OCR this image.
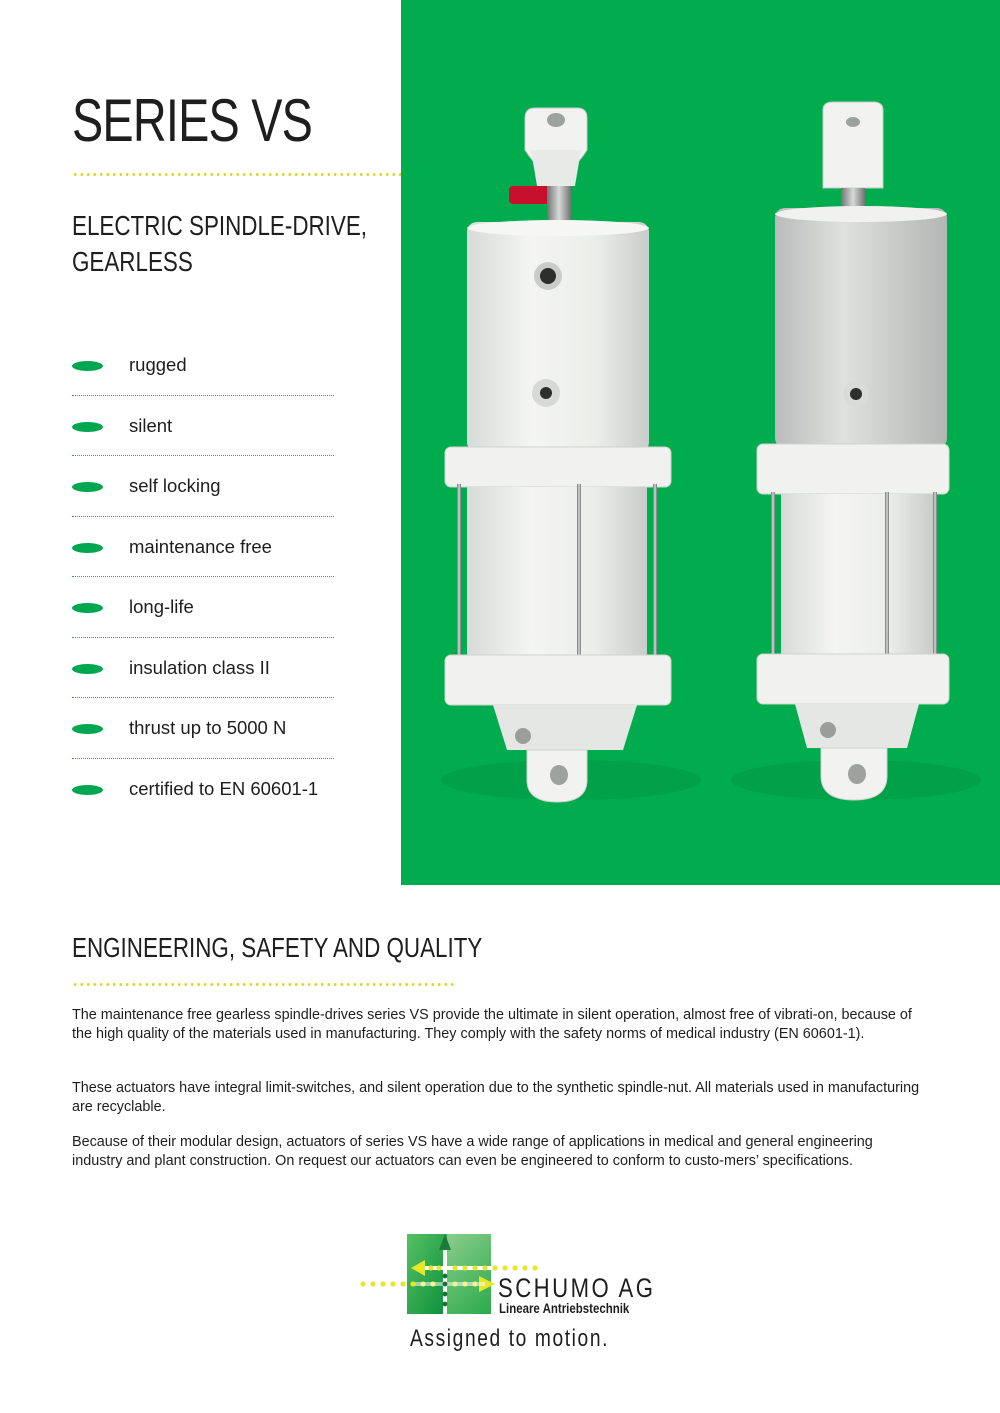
SERIES VS
ELECTRIC SPINDLE-DRIVE,
GEARLESS
rugged
silent
self locking
maintenance free
long-life
insulation class II
thrust up to 5000 N
certified to EN 60601-1
ENGINEERING, SAFETY AND QUALITY

The maintenance free gearless spindle-drives series VS provide the ultimate in silent operation, almost free of vibrati-on, because of the high quality of the materials used in manufacturing. They comply with the safety norms of medical industry (EN 60601-1).

These actuators have integral limit-switches, and silent operation due to the synthetic spindle-nut. All materials used in manufacturing are recyclable.

Because of their modular design, actuators of series VS have a wide range of applications in medical and general engineering industry and plant construction. On request our actuators can even be engineered to conform to custo-mers’ specifications.

SCHUMO AG
Lineare Antriebstechnik
Assigned to motion.
